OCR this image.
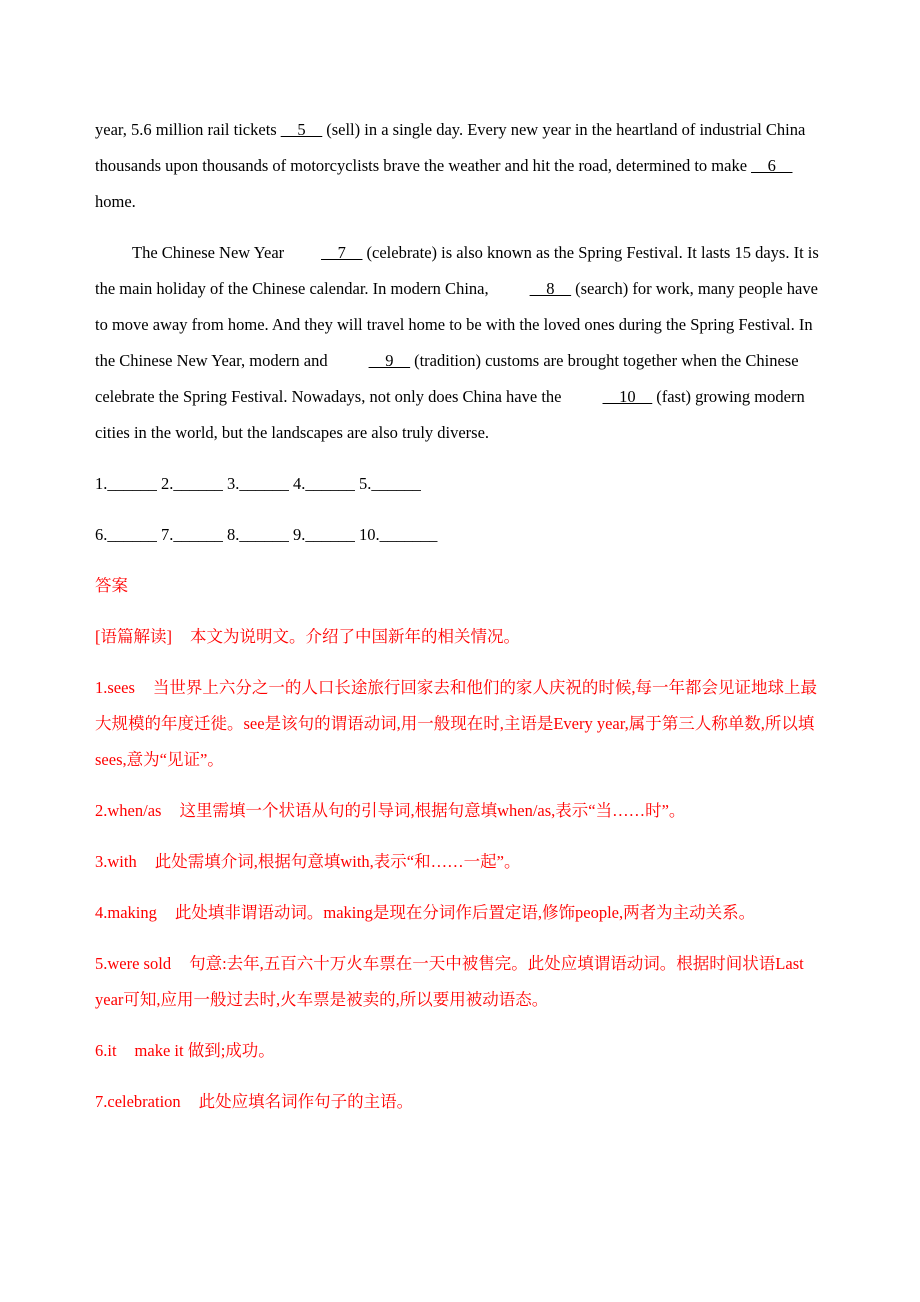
year, 5.6 million rail tickets __5__ (sell) in a single day. Every new year in the heartland of industrial China thousands upon thousands of motorcyclists brave the weather and hit the road, determined to make __6__ home.

The Chinese New Year __7__ (celebrate) is also known as the Spring Festival. It lasts 15 days. It is the main holiday of the Chinese calendar. In modern China, __8__ (search) for work, many people have to move away from home. And they will travel home to be with the loved ones during the Spring Festival. In the Chinese New Year, modern and __9__ (tradition) customs are brought together when the Chinese celebrate the Spring Festival. Nowadays, not only does China have the __10__ (fast) growing modern cities in the world, but the landscapes are also truly diverse.

1.______ 2.______ 3.______ 4.______ 5.______

6.______ 7.______ 8.______ 9.______ 10._______

答案

[语篇解读] 本文为说明文。介绍了中国新年的相关情况。

1.sees 当世界上六分之一的人口长途旅行回家去和他们的家人庆祝的时候,每一年都会见证地球上最大规模的年度迁徙。see是该句的谓语动词,用一般现在时,主语是Every year,属于第三人称单数,所以填sees,意为“见证”。

2.when/as 这里需填一个状语从句的引导词,根据句意填when/as,表示“当……时”。

3.with 此处需填介词,根据句意填with,表示“和……一起”。

4.making 此处填非谓语动词。making是现在分词作后置定语,修饰people,两者为主动关系。

5.were sold 句意:去年,五百六十万火车票在一天中被售完。此处应填谓语动词。根据时间状语Last year可知,应用一般过去时,火车票是被卖的,所以要用被动语态。

6.it make it 做到;成功。

7.celebration 此处应填名词作句子的主语。
